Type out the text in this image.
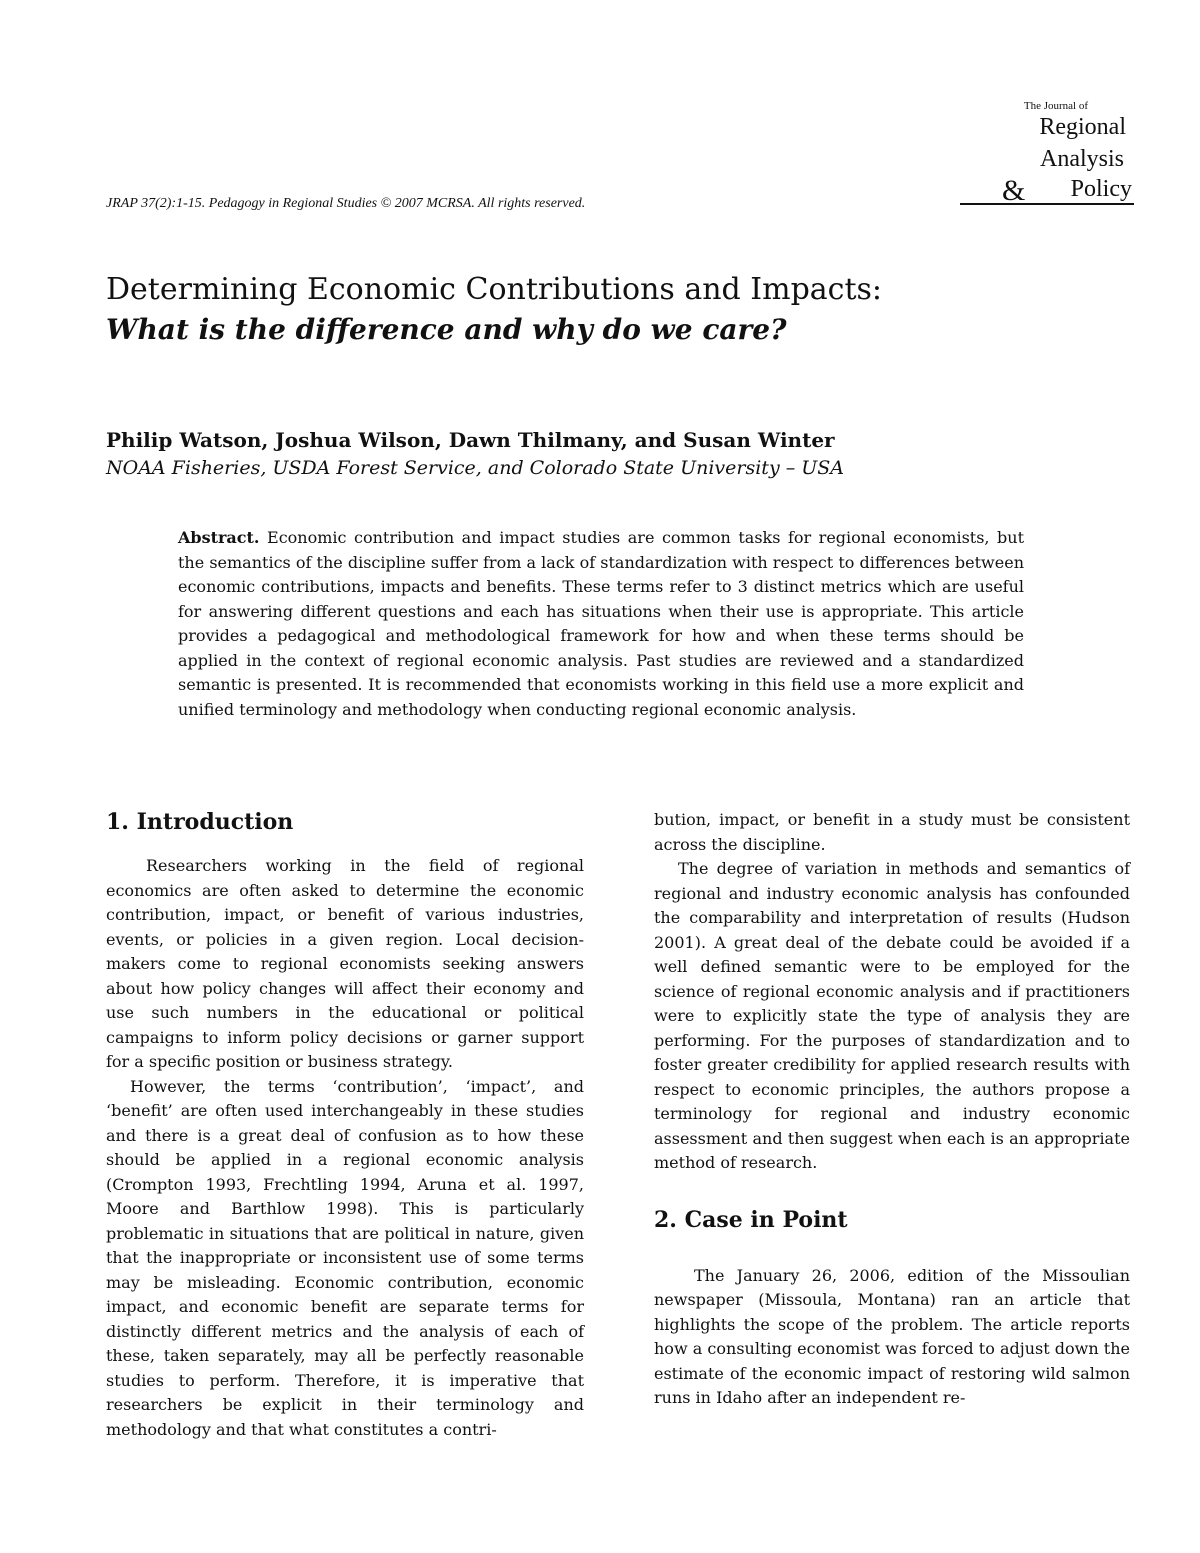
The Journal of
Regional
Analysis
& Policy
JRAP 37(2):1-15. Pedagogy in Regional Studies © 2007 MCRSA. All rights reserved.

Determining Economic Contributions and Impacts:

What is the difference and why do we care?

Philip Watson, Joshua Wilson, Dawn Thilmany, and Susan Winter

NOAA Fisheries, USDA Forest Service, and Colorado State University – USA

Abstract. Economic contribution and impact studies are common tasks for regional economists, but the semantics of the discipline suffer from a lack of standardization with respect to differences between economic contributions, impacts and benefits. These terms refer to 3 distinct metrics which are useful for answering different questions and each has situations when their use is appropriate. This article provides a pedagogical and methodological framework for how and when these terms should be applied in the context of regional economic analysis. Past studies are reviewed and a standardized semantic is presented. It is recommended that economists working in this field use a more explicit and unified terminology and methodology when conducting regional economic analysis.
1. Introduction

Researchers working in the field of regional economics are often asked to determine the economic contribution, impact, or benefit of various industries, events, or policies in a given region. Local decision-makers come to regional economists seeking answers about how policy changes will affect their economy and use such numbers in the educational or political campaigns to inform policy decisions or garner support for a specific position or business strategy.

However, the terms ‘contribution’, ‘impact’, and ‘benefit’ are often used interchangeably in these studies and there is a great deal of confusion as to how these should be applied in a regional economic analysis (Crompton 1993, Frechtling 1994, Aruna et al. 1997, Moore and Barthlow 1998). This is particularly problematic in situations that are political in nature, given that the inappropriate or inconsistent use of some terms may be misleading. Economic contribution, economic impact, and economic benefit are separate terms for distinctly different metrics and the analysis of each of these, taken separately, may all be perfectly reasonable studies to perform. Therefore, it is imperative that researchers be explicit in their terminology and methodology and that what constitutes a contri-

bution, impact, or benefit in a study must be consistent across the discipline.

The degree of variation in methods and semantics of regional and industry economic analysis has confounded the comparability and interpretation of results (Hudson 2001). A great deal of the debate could be avoided if a well defined semantic were to be employed for the science of regional economic analysis and if practitioners were to explicitly state the type of analysis they are performing. For the purposes of standardization and to foster greater credibility for applied research results with respect to economic principles, the authors propose a terminology for regional and industry economic assessment and then suggest when each is an appropriate method of research.

2. Case in Point

The January 26, 2006, edition of the Missoulian newspaper (Missoula, Montana) ran an article that highlights the scope of the problem. The article reports how a consulting economist was forced to adjust down the estimate of the economic impact of restoring wild salmon runs in Idaho after an independent re-
